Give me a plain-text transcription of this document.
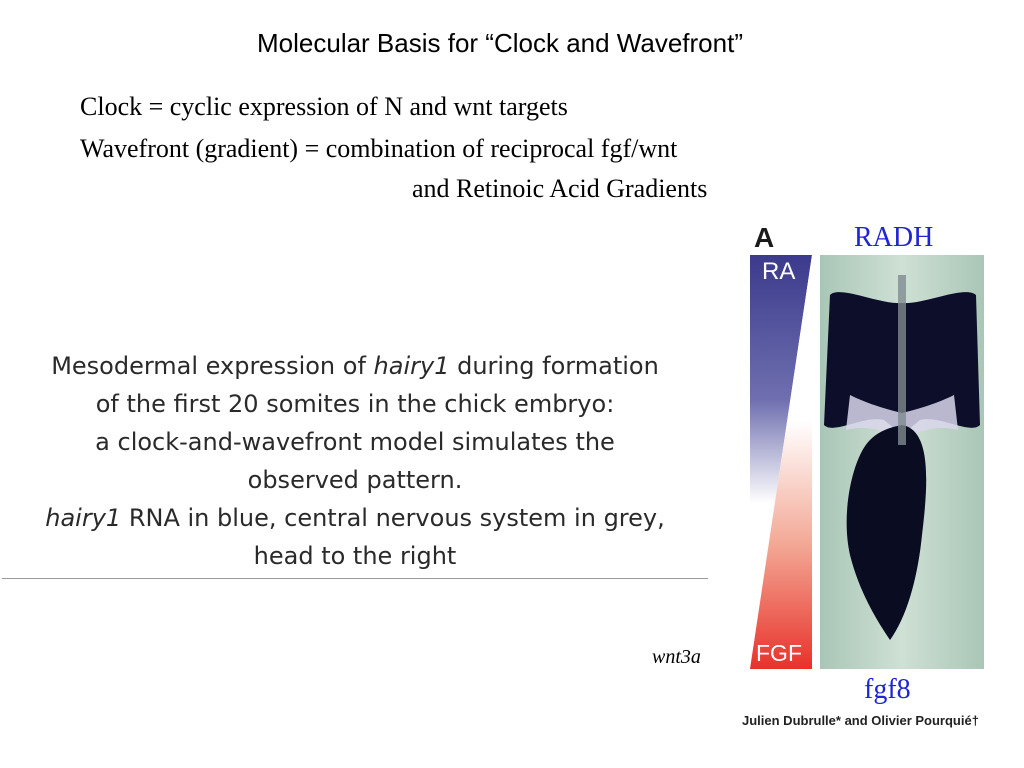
Molecular Basis for “Clock and Wavefront”
Clock = cyclic expression of N and wnt targets
Wavefront (gradient) = combination of reciprocal fgf/wnt
and Retinoic Acid Gradients
Mesodermal expression of hairy1 during formation
of the first 20 somites in the chick embryo:
a clock-and-wavefront model simulates the
observed pattern.
hairy1 RNA in blue, central nervous system in grey,
head to the right
A	RADH
RA
FGF
wnt3a
fgf8
Julien Dubrulle* and Olivier Pourquié†
